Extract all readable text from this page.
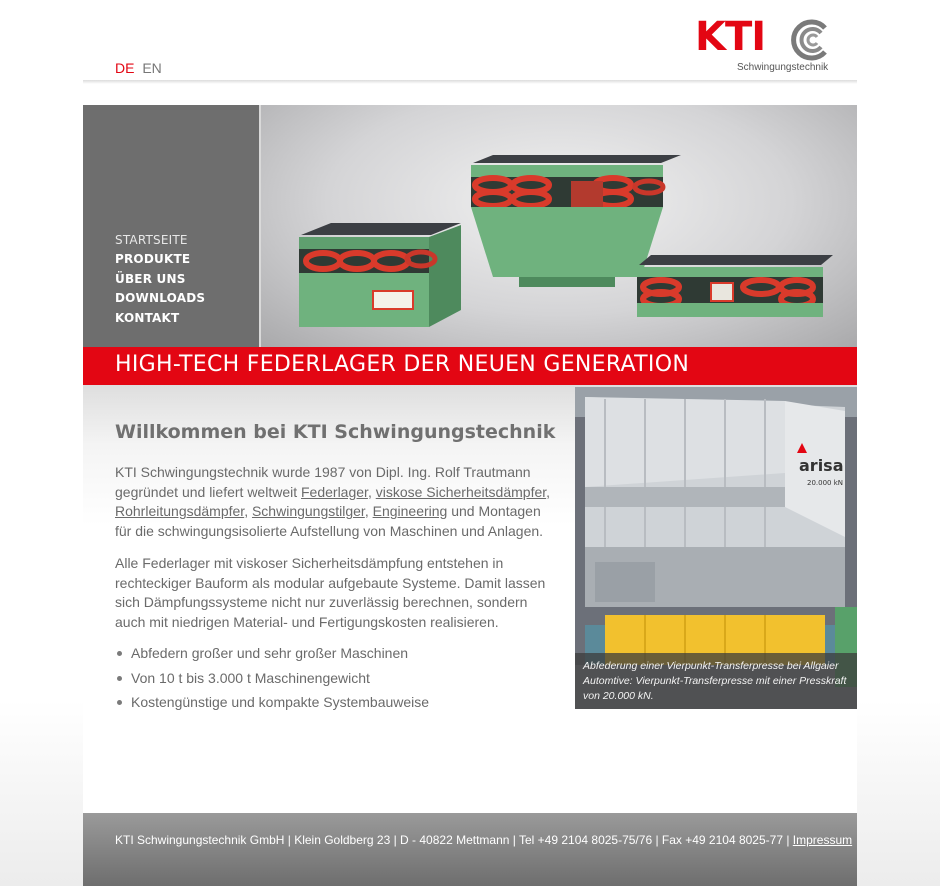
DE EN
KTI
Schwingungstechnik
STARTSEITE
PRODUKTE
ÜBER UNS
DOWNLOADS
KONTAKT
HIGH-TECH FEDERLAGER DER NEUEN GENERATION
Willkommen bei KTI Schwingungstechnik

KTI Schwingungstechnik wurde 1987 von Dipl. Ing. Rolf Trautmann gegründet und liefert weltweit Federlager, viskose Sicherheitsdämpfer, Rohrleitungsdämpfer, Schwingungstilger, Engineering und Montagen für die schwingungsisolierte Aufstellung von Maschinen und Anlagen.

Alle Federlager mit viskoser Sicherheitsdämpfung entstehen in rechteckiger Bauform als modular aufgebaute Systeme. Damit lassen sich Dämpfungssysteme nicht nur zuverlässig berechnen, sondern auch mit niedrigen Material- und Fertigungskosten realisieren.

Abfedern großer und sehr großer Maschinen
Von 10 t bis 3.000 t Maschinengewicht
Kostengünstige und kompakte Systembauweise
arisa
20.000 kN
Abfederung einer Vierpunkt-Transferpresse bei Allgaier Automtive: Vierpunkt-Transferpresse mit einer Presskraft von 20.000 kN.
KTI Schwingungstechnik GmbH | Klein Goldberg 23 | D - 40822 Mettmann | Tel +49 2104 8025-75/76 | Fax +49 2104 8025-77 | Impressum
